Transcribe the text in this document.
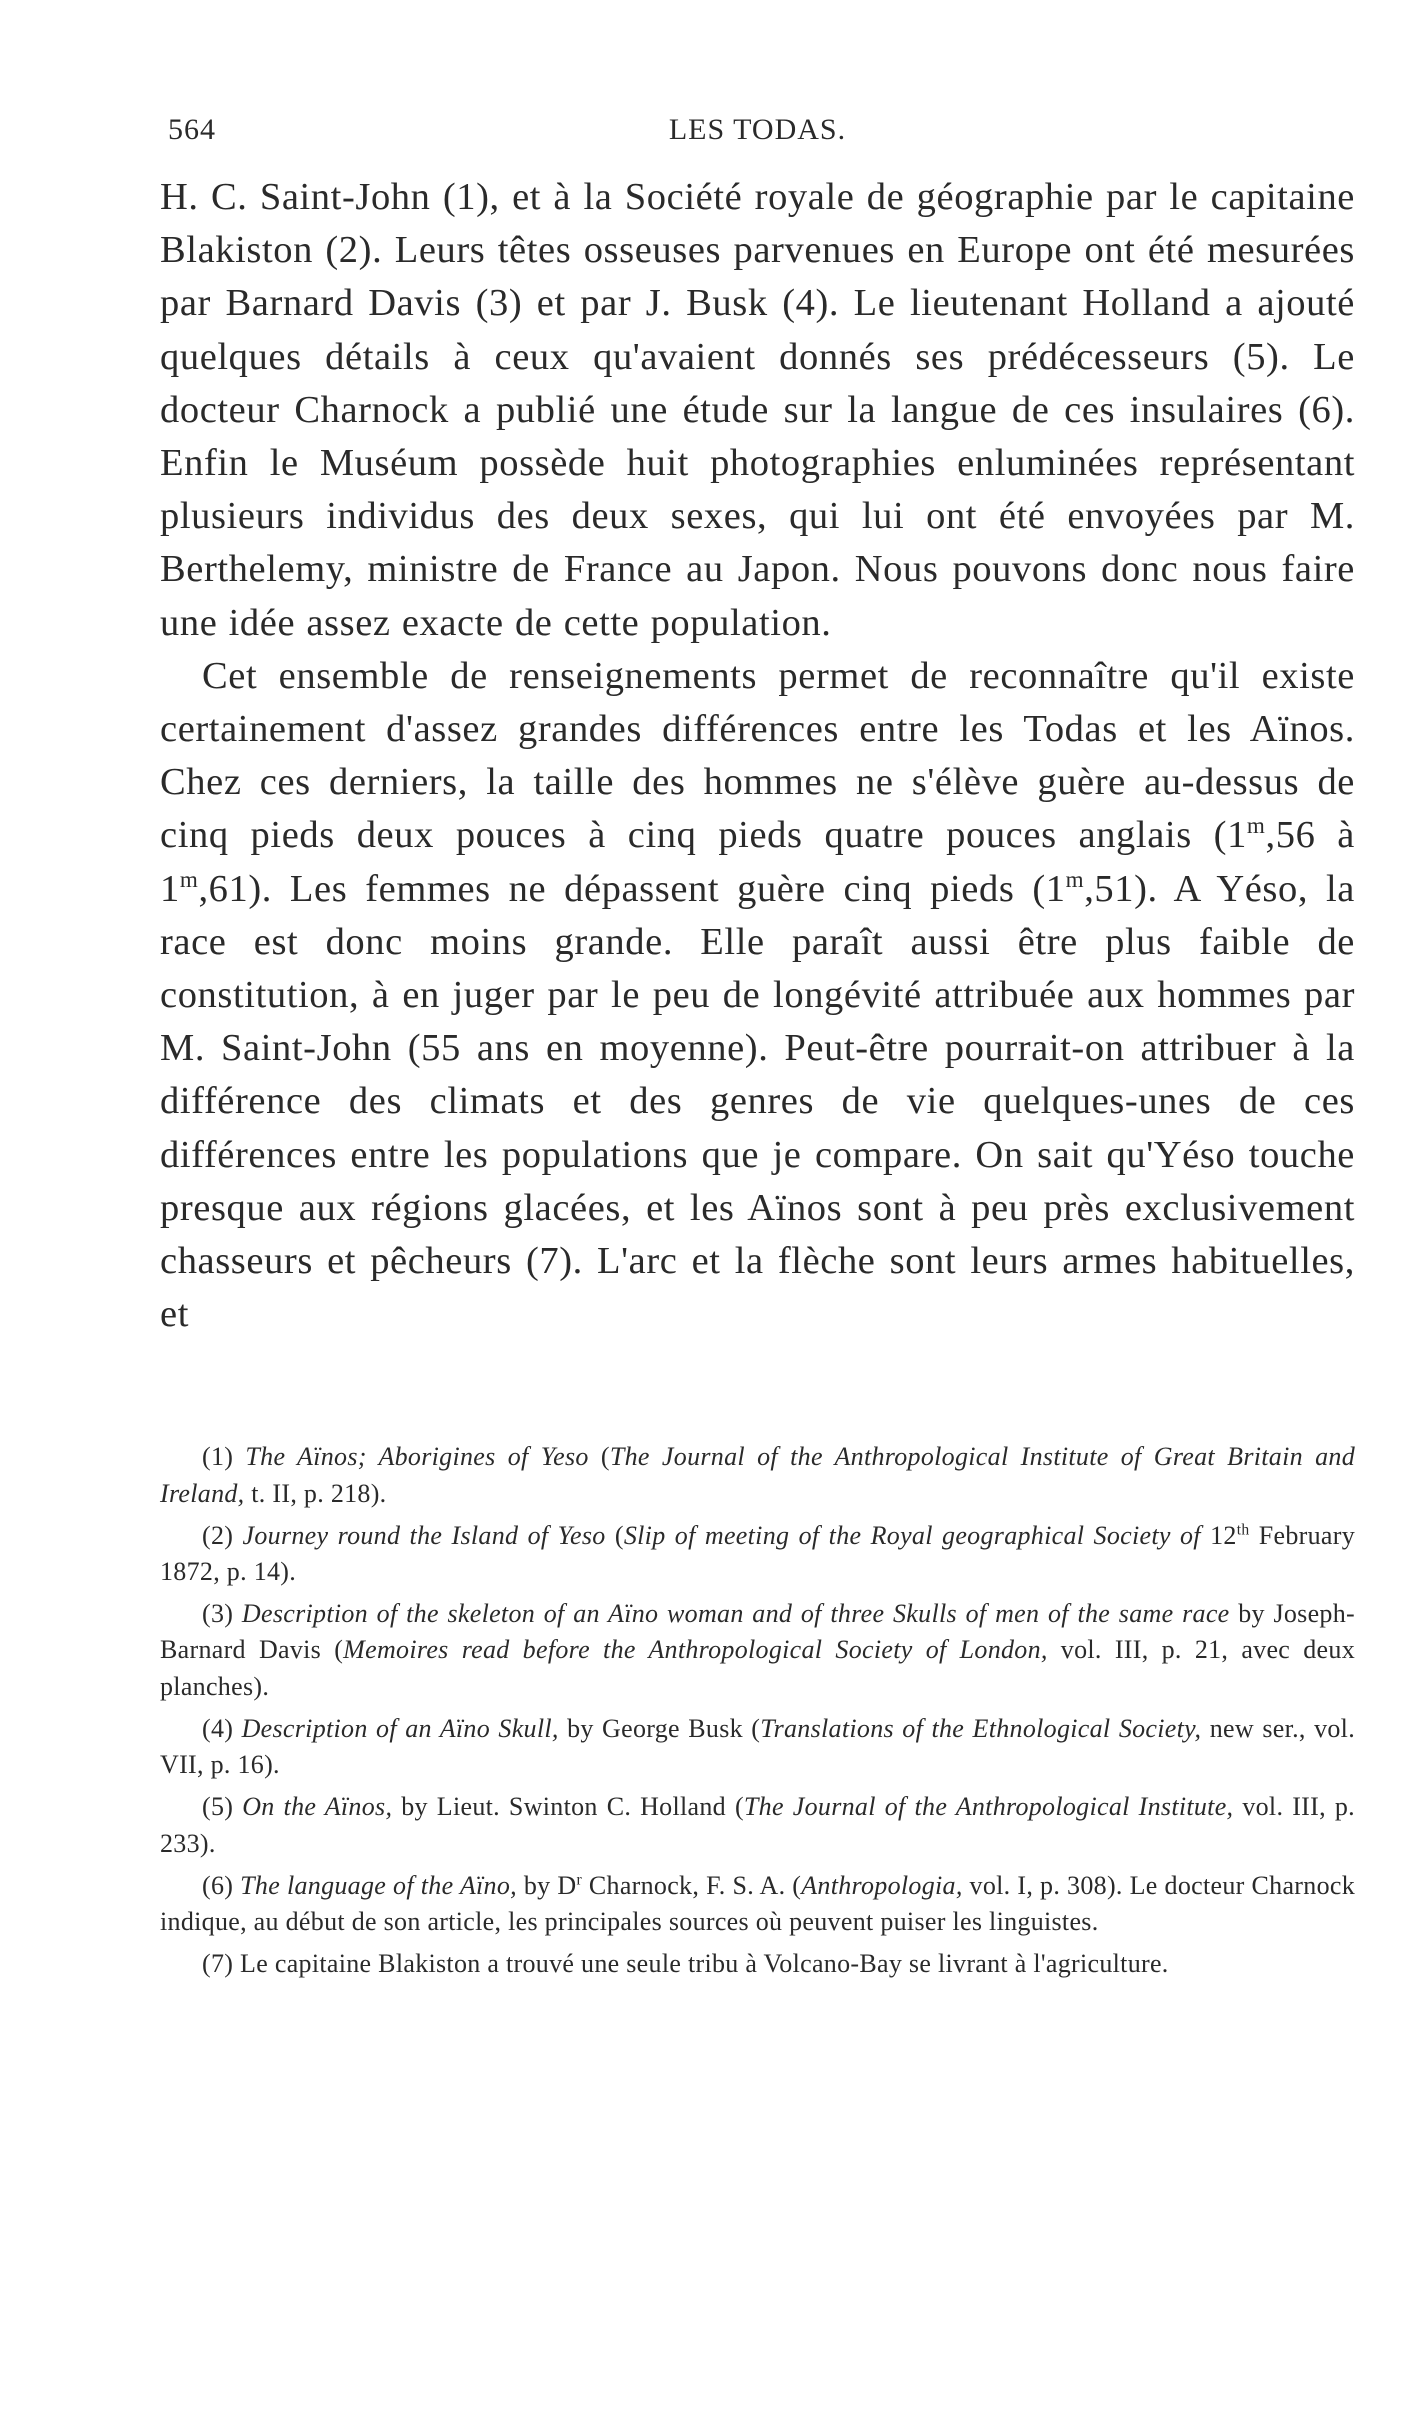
564	LES TODAS.

H. C. Saint-John (1), et à la Société royale de géographie par le capitaine Blakiston (2). Leurs têtes osseuses parvenues en Europe ont été mesurées par Barnard Davis (3) et par J. Busk (4). Le lieutenant Holland a ajouté quelques détails à ceux qu'avaient donnés ses prédécesseurs (5). Le docteur Charnock a publié une étude sur la langue de ces insulaires (6). Enfin le Muséum possède huit photographies enluminées représentant plusieurs individus des deux sexes, qui lui ont été envoyées par M. Berthelemy, ministre de France au Japon. Nous pouvons donc nous faire une idée assez exacte de cette population.

Cet ensemble de renseignements permet de reconnaître qu'il existe certainement d'assez grandes différences entre les Todas et les Aïnos. Chez ces derniers, la taille des hommes ne s'élève guère au-dessus de cinq pieds deux pouces à cinq pieds quatre pouces anglais (1$^m$,56 à 1$^m$,61). Les femmes ne dépassent guère cinq pieds (1$^m$,51). A Yéso, la race est donc moins grande. Elle paraît aussi être plus faible de constitution, à en juger par le peu de longévité attribuée aux hommes par M. Saint-John (55 ans en moyenne). Peut-être pourrait-on attribuer à la différence des climats et des genres de vie quelques-unes de ces différences entre les populations que je compare. On sait qu'Yéso touche presque aux régions glacées, et les Aïnos sont à peu près exclusivement chasseurs et pêcheurs (7). L'arc et la flèche sont leurs armes habituelles, et

(1) The Aïnos; Aborigines of Yeso (The Journal of the Anthropological Institute of Great Britain and Ireland, t. II, p. 218).

(2) Journey round the Island of Yeso (Slip of meeting of the Royal geographical Society of 12th February 1872, p. 14).

(3) Description of the skeleton of an Aïno woman and of three Skulls of men of the same race by Joseph-Barnard Davis (Memoires read before the Anthropological Society of London, vol. III, p. 21, avec deux planches).

(4) Description of an Aïno Skull, by George Busk (Translations of the Ethnological Society, new ser., vol. VII, p. 16).

(5) On the Aïnos, by Lieut. Swinton C. Holland (The Journal of the Anthropological Institute, vol. III, p. 233).

(6) The language of the Aïno, by $D^r$ Charnock, F. S. A. (Anthropologia, vol. I, p. 308). Le docteur Charnock indique, au début de son article, les principales sources où peuvent puiser les linguistes.

(7) Le capitaine Blakiston a trouvé une seule tribu à Volcano-Bay se livrant à l'agriculture.
